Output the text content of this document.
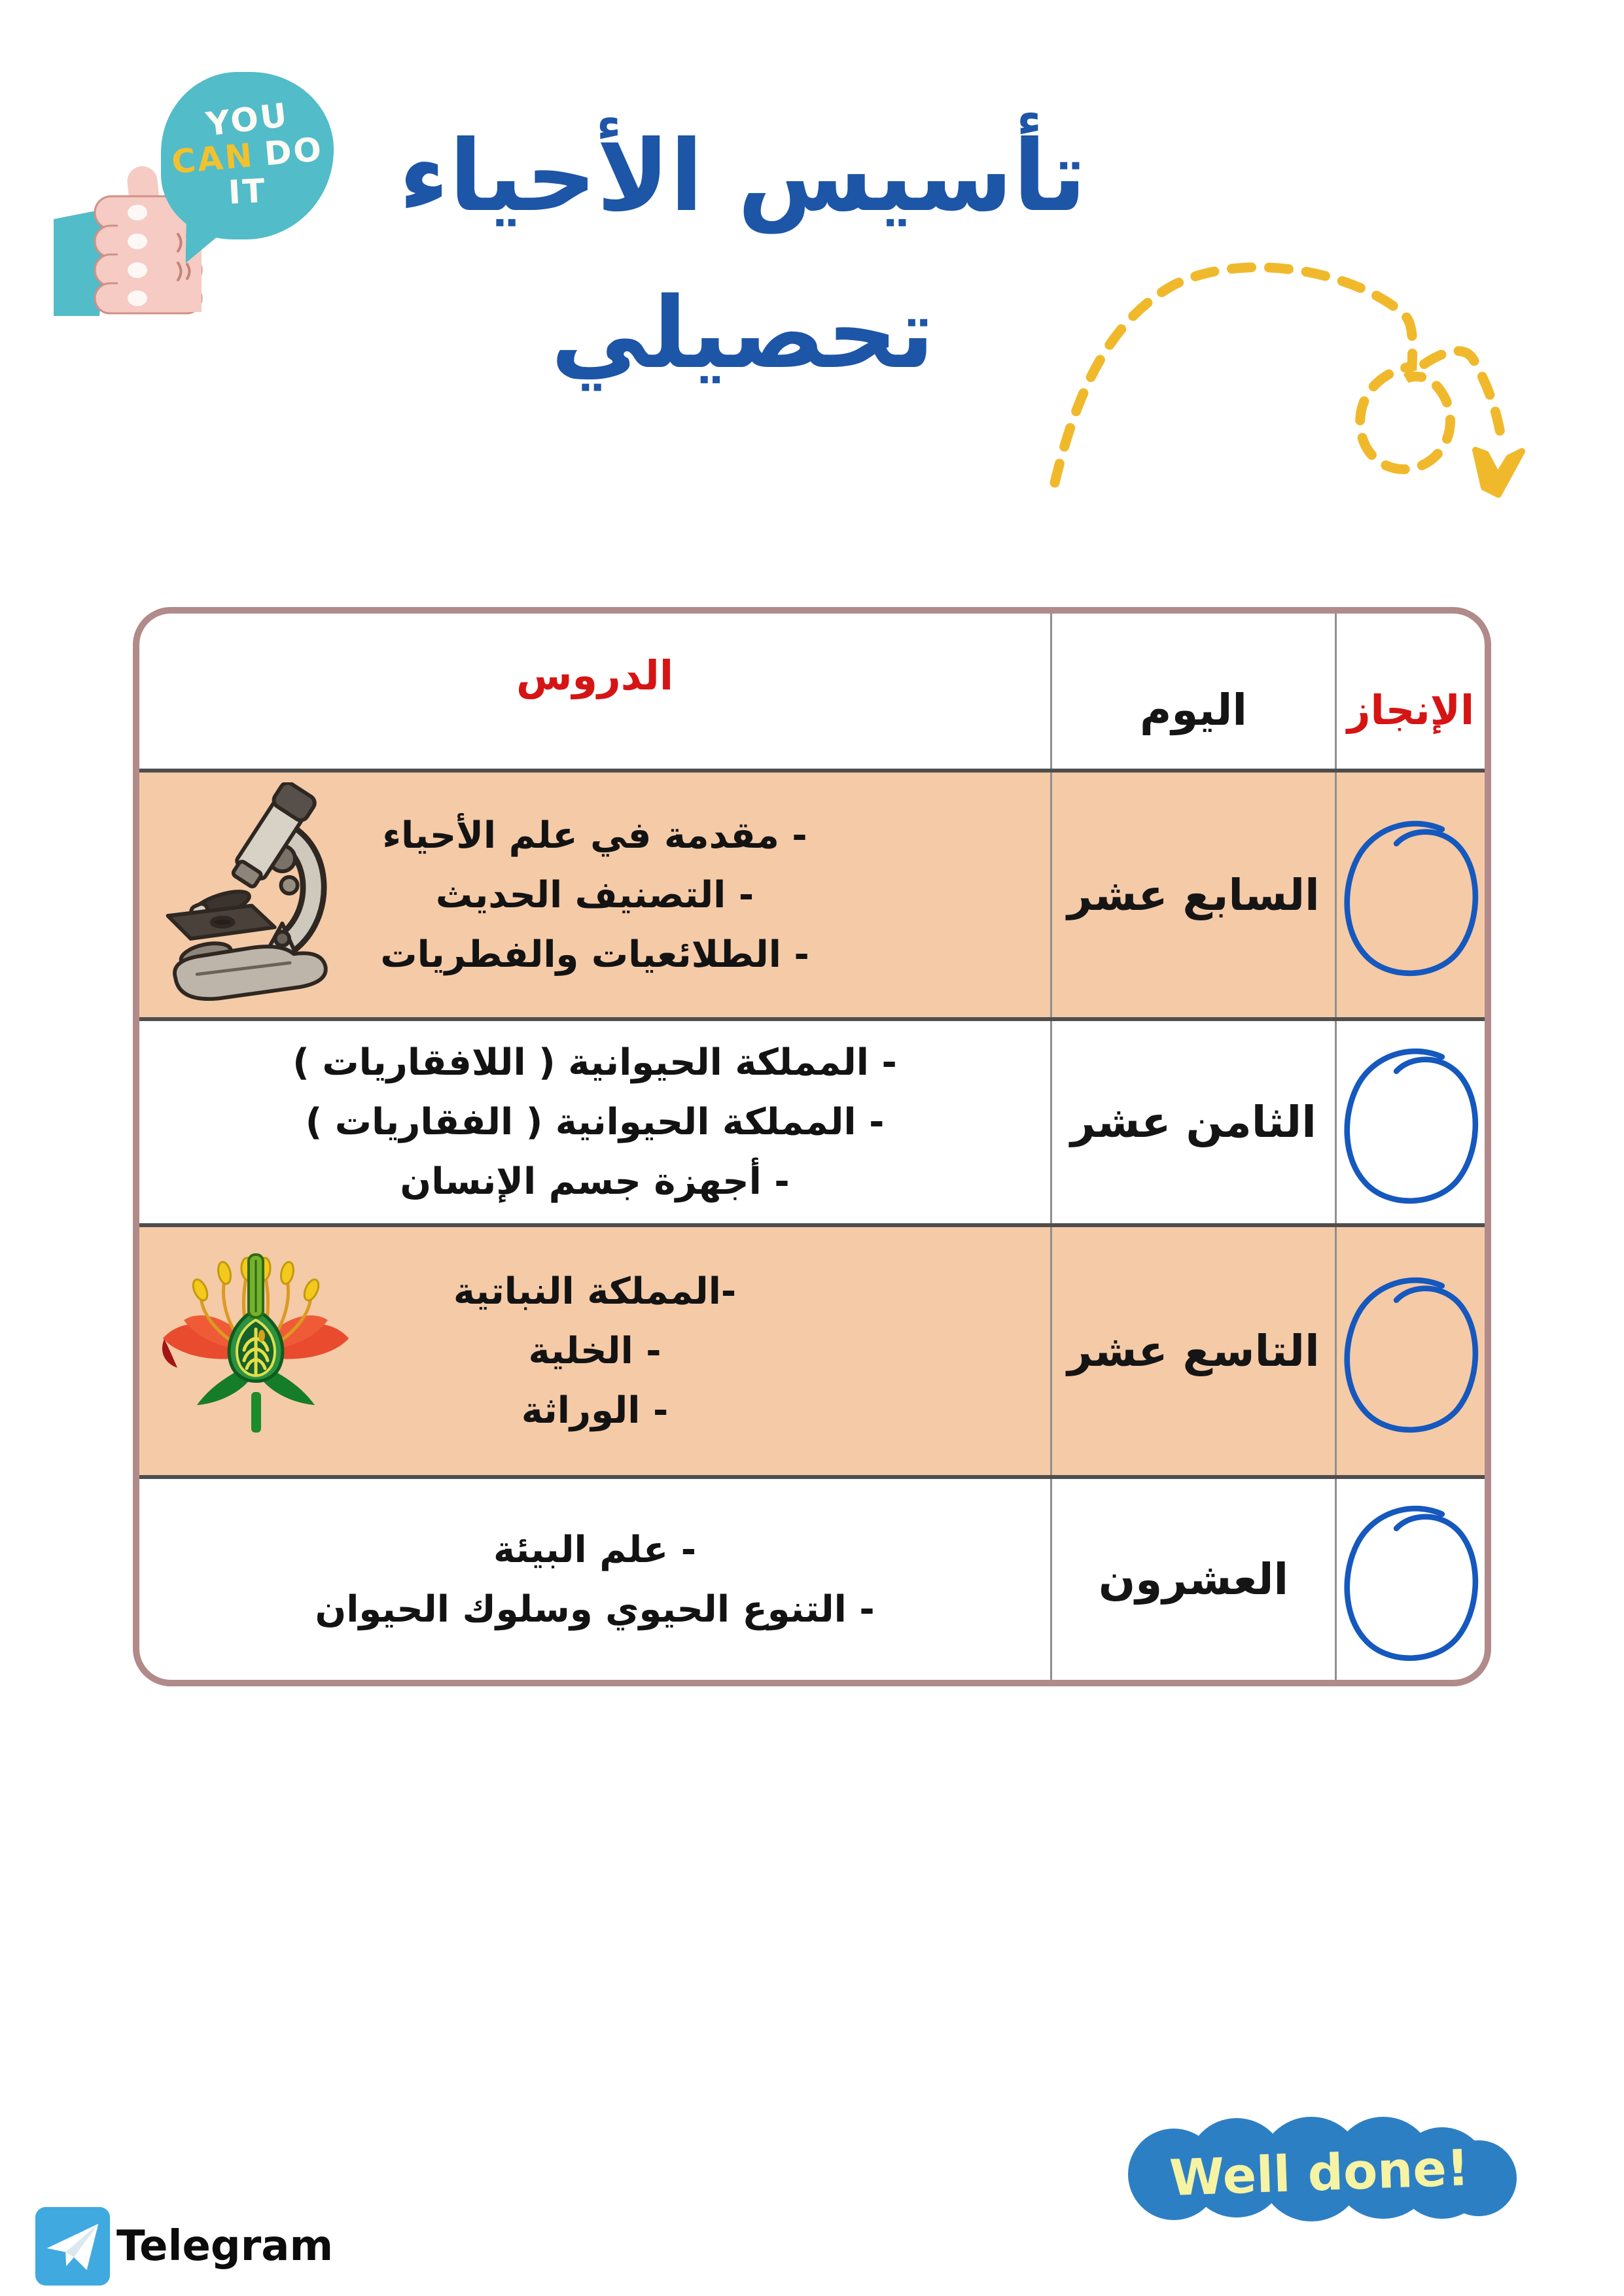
YOU
CAN DO
IT	تأسيس الأحياء
تحصيلي
الدروس
اليوم	الإنجاز
- مقدمة في علم الأحياء
- التصنيف الحديث
- الطلائعيات والفطريات
السابع عشر
- المملكة الحيوانية ( اللافقاريات )
- المملكة الحيوانية ( الفقاريات )
- أجهزة جسم الإنسان
الثامن عشر
-المملكة النباتية
- الخلية
- الوراثة
التاسع عشر
- علم البيئة
- التنوع الحيوي وسلوك الحيوان
العشرون
Well done!
Telegram
